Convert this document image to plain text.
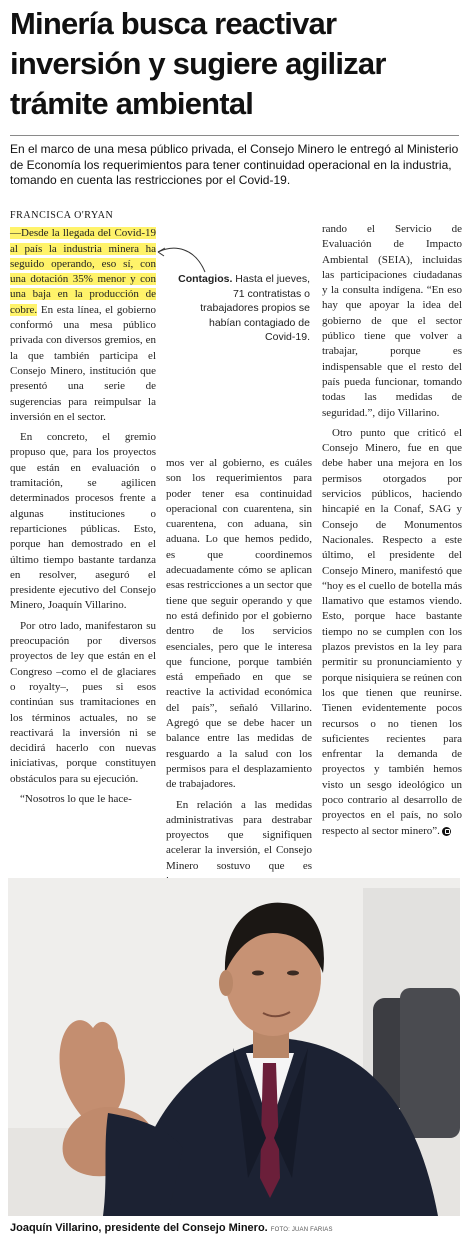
Minería busca reactivar inversión y sugiere agilizar trámite ambiental

En el marco de una mesa público privada, el Consejo Minero le entregó al Ministerio de Economía los requerimientos para tener continuidad operacional en la industria, tomando en cuenta las restricciones por el Covid-19.

FRANCISCA O'RYAN

—Desde la llegada del Covid-19 al país la industria minera ha seguido operando, eso sí, con una dotación 35% menor y con una baja en la producción de cobre. En esta línea, el gobierno conformó una mesa público privada con diversos gremios, en la que también participa el Consejo Minero, institución que presentó una serie de sugerencias para reimpulsar la inversión en el sector.

En concreto, el gremio propuso que, para los proyectos que están en evaluación o tramitación, se agilicen determinados procesos frente a algunas instituciones o reparticiones públicas. Esto, porque han demostrado en el último tiempo bastante tardanza en resolver, aseguró el presidente ejecutivo del Consejo Minero, Joaquín Villarino.

Por otro lado, manifestaron su preocupación por diversos proyectos de ley que están en el Congreso –como el de glaciares o royalty–, pues si esos continúan sus tramitaciones en los términos actuales, no se reactivará la inversión ni se decidirá hacerlo con nuevas iniciativas, porque constituyen obstáculos para su ejecución.

“Nosotros lo que le hace-

Contagios. Hasta el jueves, 71 contratistas o trabajadores propios se habían contagiado de Covid-19.

mos ver al gobierno, es cuáles son los requerimientos para poder tener esa continuidad operacional con cuarentena, sin cuarentena, con aduana, sin aduana. Lo que hemos pedido, es que coordinemos adecuadamente cómo se aplican esas restricciones a un sector que tiene que seguir operando y que no está definido por el gobierno dentro de los servicios esenciales, pero que le interesa que funcione, porque también está empeñado en que se reactive la actividad económica del país”, señaló Villarino. Agregó que se debe hacer un balance entre las medidas de resguardo a la salud con los permisos para el desplazamiento de trabajadores.

En relación a las medidas administrativas para destrabar proyectos que signifiquen acelerar la inversión, el Consejo Minero sostuvo que es

rando el Servicio de Evaluación de Impacto Ambiental (SEIA), incluidas las participaciones ciudadanas y la consulta indígena. “En eso hay que apoyar la idea del gobierno de que el sector público tiene que volver a trabajar, porque es indispensable que el resto del país pueda funcionar, tomando todas las medidas de seguridad.”, dijo Villarino.

Otro punto que criticó el Consejo Minero, fue en que debe haber una mejora en los permisos otorgados por servicios públicos, haciendo hincapié en la Conaf, SAG y Consejo de Monumentos Nacionales. Respecto a este último, el presidente del Consejo Minero, manifestó que “hoy es el cuello de botella más llamativo que estamos viendo. Esto, porque hace bastante tiempo no se cumplen con los plazos previstos en la ley para permitir su pronunciamiento y porque nisiquiera se reúnen con los que tienen que reunirse. Tienen evidentemente pocos recursos o no tienen los suficientes recientes para enfrentar la demanda de proyectos y también hemos visto un sesgo ideológico un poco contrario al desarrollo de proyectos en el país, no solo respecto al sector minero”.

Joaquín Villarino, presidente del Consejo Minero. FOTO: JUAN FARIAS
